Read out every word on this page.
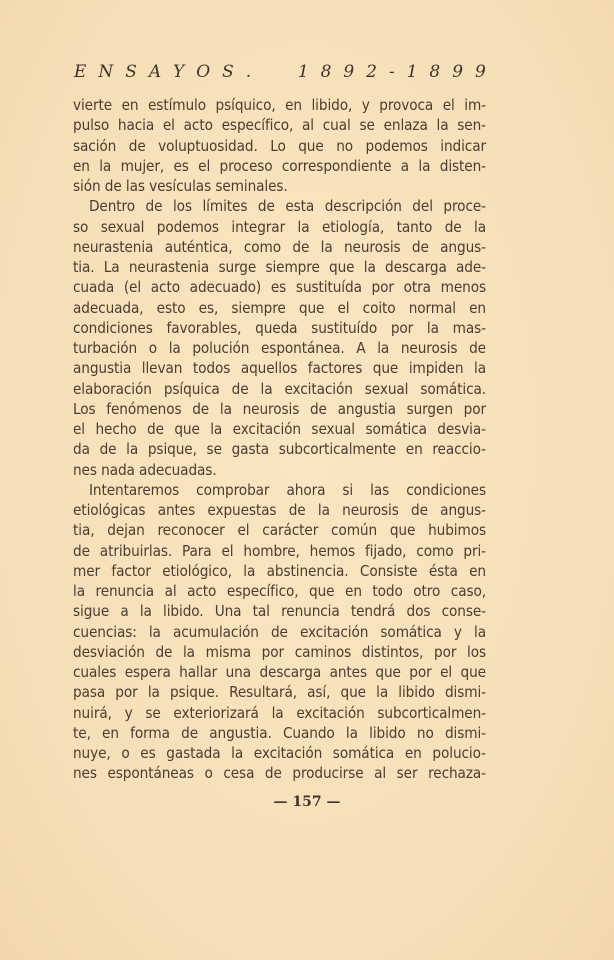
E N S A Y O S .

	1 8 9 2 - 1 8 9 9
vierte en estímulo psíquico, en libido, y provoca el im-
pulso hacia el acto específico, al cual se enlaza la sen-
sación de voluptuosidad. Lo que no podemos indicar
en la mujer, es el proceso correspondiente a la disten-
sión de las vesículas seminales.
Dentro de los límites de esta descripción del proce-
so sexual podemos integrar la etiología, tanto de la
neurastenia auténtica, como de la neurosis de angus-
tia. La neurastenia surge siempre que la descarga ade-
cuada (el acto adecuado) es sustituída por otra menos
adecuada, esto es, siempre que el coito normal en
condiciones favorables, queda sustituído por la mas-
turbación o la polución espontánea. A la neurosis de
angustia llevan todos aquellos factores que impiden la
elaboración psíquica de la excitación sexual somática.
Los fenómenos de la neurosis de angustia surgen por
el hecho de que la excitación sexual somática desvia-
da de la psique, se gasta subcorticalmente en reaccio-
nes nada adecuadas.
Intentaremos comprobar ahora si las condiciones
etiológicas antes expuestas de la neurosis de angus-
tia, dejan reconocer el carácter común que hubimos
de atribuirlas. Para el hombre, hemos fijado, como pri-
mer factor etiológico, la abstinencia. Consiste ésta en
la renuncia al acto específico, que en todo otro caso,
sigue a la libido. Una tal renuncia tendrá dos conse-
cuencias: la acumulación de excitación somática y la
desviación de la misma por caminos distintos, por los
cuales espera hallar una descarga antes que por el que
pasa por la psique. Resultará, así, que la libido dismi-
nuirá, y se exteriorizará la excitación subcorticalmen-
te, en forma de angustia. Cuando la libido no dismi-
nuye, o es gastada la excitación somática en polucio-
nes espontáneas o cesa de producirse al ser rechaza-
— 157 —
